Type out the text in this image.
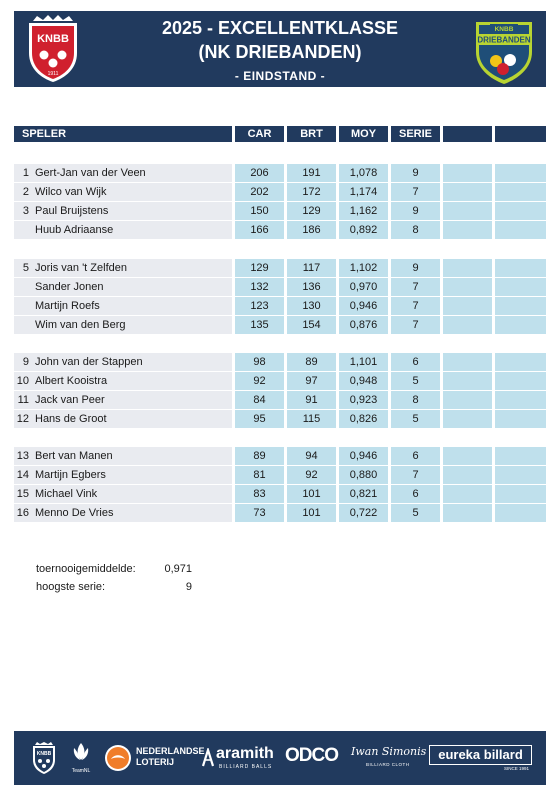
KNBB
1911
2025 - EXCELLENTKLASSE
(NK DRIEBANDEN)
- EINDSTAND -
KNBB
DRIEBANDEN
SPELER	CAR	BRT	MOY	SERIE
1 Gert-Jan van der Veen	206	191	1,078	9
2 Wilco van Wijk	202	172	1,174	7
3 Paul Bruijstens	150	129	1,162	9
Huub Adriaanse	166	186	0,892	8
5 Joris van 't Zelfden	129	117	1,102	9
Sander Jonen	132	136	0,970	7
Martijn Roefs	123	130	0,946	7
Wim van den Berg	135	154	0,876	7
9 John van der Stappen	98	89	1,101	6
10 Albert Kooistra	92	97	0,948	5
11 Jack van Peer	84	91	0,923	8
12 Hans de Groot	95	115	0,826	5
13 Bert van Manen	89	94	0,946	6
14 Martijn Egbers	81	92	0,880	7
15 Michael Vink	83	101	0,821	6
16 Menno De Vries	73	101	0,722	5
toernooigemiddelde:	0,971
hoogste serie:	9
KNBB
TeamNL
NEDERLANDSE
LOTERIJ	aramith
BILLIARD BALLS
ODCO Iwan Simonis
BILLIARD CLOTH
eureka billard
SINCE 1991
